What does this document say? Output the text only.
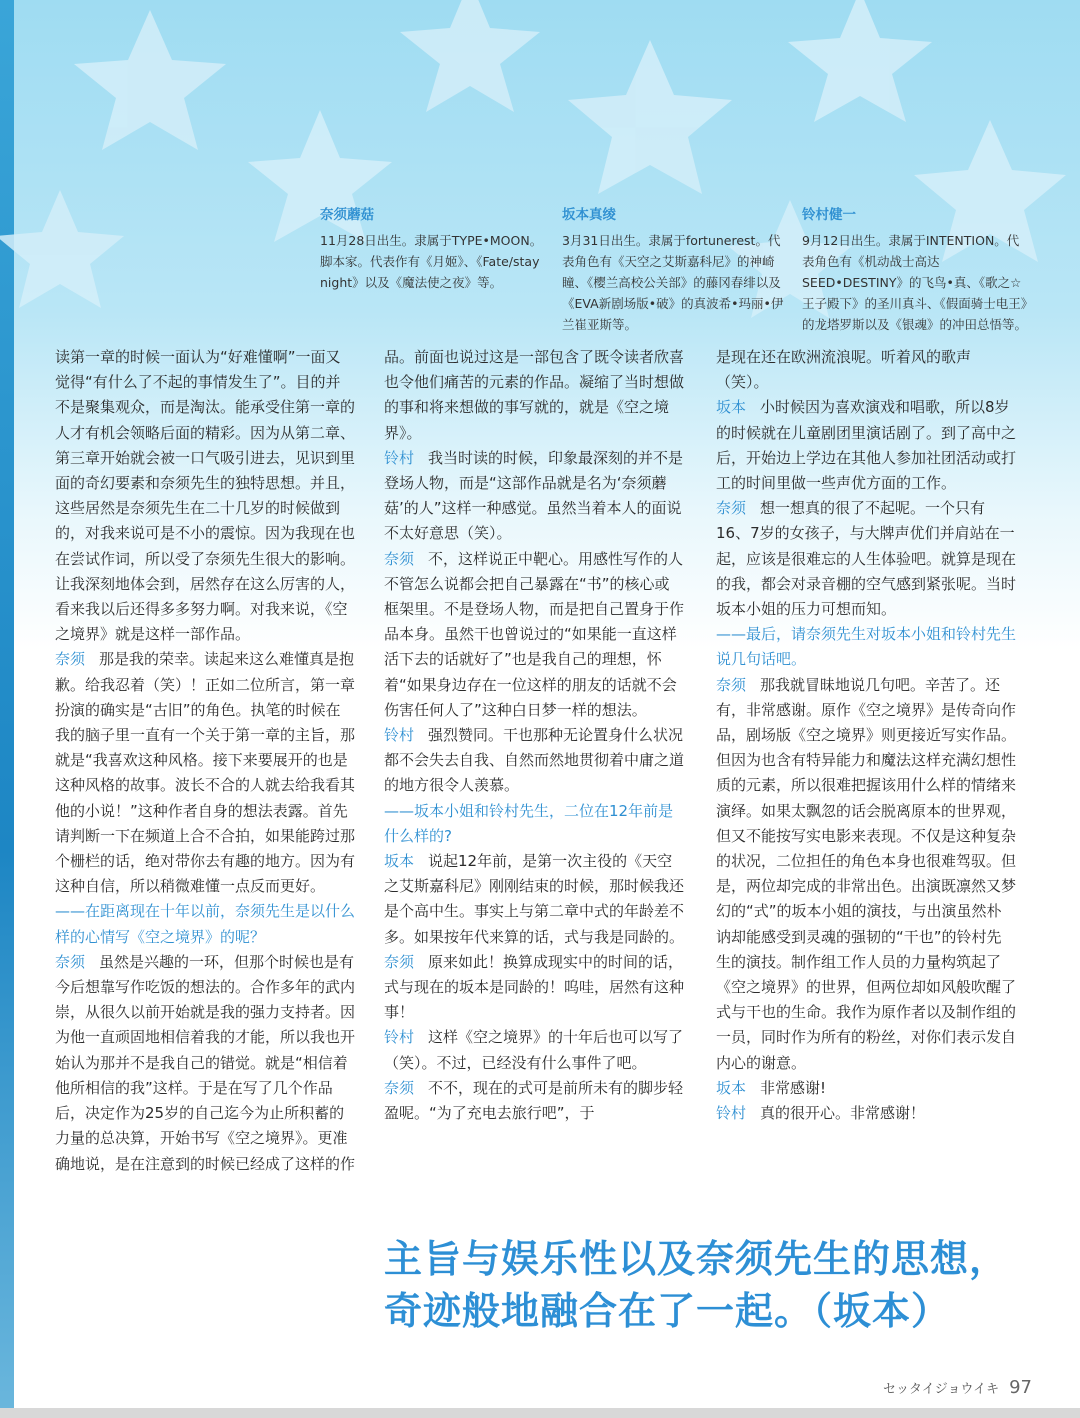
奈须蘑菇
11月28日出生。隶属于TYPE•MOON。脚本家。代表作有《月姬》、《Fate/stay night》以及《魔法使之夜》等。
坂本真绫
3月31日出生。隶属于fortunerest。代表角色有《天空之艾斯嘉科尼》的神崎瞳、《樱兰高校公关部》的藤冈春绯以及《EVA新剧场版•破》的真波希•玛丽•伊兰崔亚斯等。
铃村健一
9月12日出生。隶属于INTENTION。代表角色有《机动战士高达SEED•DESTINY》的飞鸟•真、《歌之☆王子殿下》的圣川真斗、《假面骑士电王》的龙塔罗斯以及《银魂》的冲田总悟等。

读第一章的时候一面认为“好难懂啊”一面又觉得“有什么了不起的事情发生了”。目的并不是聚集观众，而是淘汰。能承受住第一章的人才有机会领略后面的精彩。因为从第二章、第三章开始就会被一口气吸引进去，见识到里面的奇幻要素和奈须先生的独特思想。并且，这些居然是奈须先生在二十几岁的时候做到的，对我来说可是不小的震惊。因为我现在也在尝试作词，所以受了奈须先生很大的影响。让我深刻地体会到，居然存在这么厉害的人，看来我以后还得多多努力啊。对我来说，《空之境界》就是这样一部作品。

奈须 那是我的荣幸。读起来这么难懂真是抱歉。给我忍着（笑）！正如二位所言，第一章扮演的确实是“古旧”的角色。执笔的时候在我的脑子里一直有一个关于第一章的主旨，那就是“我喜欢这种风格。接下来要展开的也是这种风格的故事。波长不合的人就去给我看其他的小说！”这种作者自身的想法表露。首先请判断一下在频道上合不合拍，如果能跨过那个栅栏的话，绝对带你去有趣的地方。因为有这种自信，所以稍微难懂一点反而更好。

——在距离现在十年以前，奈须先生是以什么样的心情写《空之境界》的呢？

奈须 虽然是兴趣的一环，但那个时候也是有今后想靠写作吃饭的想法的。合作多年的武内崇，从很久以前开始就是我的强力支持者。因为他一直顽固地相信着我的才能，所以我也开始认为那并不是我自己的错觉。就是“相信着他所相信的我”这样。于是在写了几个作品后，决定作为25岁的自己迄今为止所积蓄的力量的总决算，开始书写《空之境界》。更准确地说，是在注意到的时候已经成了这样的作

品。前面也说过这是一部包含了既令读者欣喜也令他们痛苦的元素的作品。凝缩了当时想做的事和将来想做的事写就的，就是《空之境界》。

铃村 我当时读的时候，印象最深刻的并不是登场人物，而是“这部作品就是名为‘奈须蘑菇’的人”这样一种感觉。虽然当着本人的面说不太好意思（笑）。

奈须 不，这样说正中靶心。用感性写作的人不管怎么说都会把自己暴露在“书”的核心或框架里。不是登场人物，而是把自己置身于作品本身。虽然干也曾说过的“如果能一直这样活下去的话就好了”也是我自己的理想，怀着“如果身边存在一位这样的朋友的话就不会伤害任何人了”这种白日梦一样的想法。

铃村 强烈赞同。干也那种无论置身什么状况都不会失去自我、自然而然地贯彻着中庸之道的地方很令人羡慕。

——坂本小姐和铃村先生，二位在12年前是什么样的?

坂本 说起12年前，是第一次主役的《天空之艾斯嘉科尼》刚刚结束的时候，那时候我还是个高中生。事实上与第二章中式的年龄差不多。如果按年代来算的话，式与我是同龄的。

奈须 原来如此！换算成现实中的时间的话，式与现在的坂本是同龄的！呜哇，居然有这种事！

铃村 这样《空之境界》的十年后也可以写了（笑）。不过，已经没有什么事件了吧。

奈须 不不，现在的式可是前所未有的脚步轻盈呢。“为了充电去旅行吧”，于

是现在还在欧洲流浪呢。听着风的歌声（笑）。

坂本 小时候因为喜欢演戏和唱歌，所以8岁的时候就在儿童剧团里演话剧了。到了高中之后，开始边上学边在其他人参加社团活动或打工的时间里做一些声优方面的工作。

奈须 想一想真的很了不起呢。一个只有16、7岁的女孩子，与大牌声优们并肩站在一起，应该是很难忘的人生体验吧。就算是现在的我，都会对录音棚的空气感到紧张呢。当时坂本小姐的压力可想而知。

——最后，请奈须先生对坂本小姐和铃村先生说几句话吧。

奈须 那我就冒昧地说几句吧。辛苦了。还有，非常感谢。原作《空之境界》是传奇向作品，剧场版《空之境界》则更接近写实作品。但因为也含有特异能力和魔法这样充满幻想性质的元素，所以很难把握该用什么样的情绪来演绎。如果太飘忽的话会脱离原本的世界观，但又不能按写实电影来表现。不仅是这种复杂的状况，二位担任的角色本身也很难驾驭。但是，两位却完成的非常出色。出演既凛然又梦幻的“式”的坂本小姐的演技，与出演虽然朴讷却能感受到灵魂的强韧的“干也”的铃村先生的演技。制作组工作人员的力量构筑起了《空之境界》的世界，但两位却如风般吹醒了式与干也的生命。我作为原作者以及制作组的一员，同时作为所有的粉丝，对你们表示发自内心的谢意。

坂本 非常感谢!

铃村 真的很开心。非常感谢！

主旨与娱乐性以及奈须先生的思想，
奇迹般地融合在了一起。（坂本）
セッタイジョウイキ 97
